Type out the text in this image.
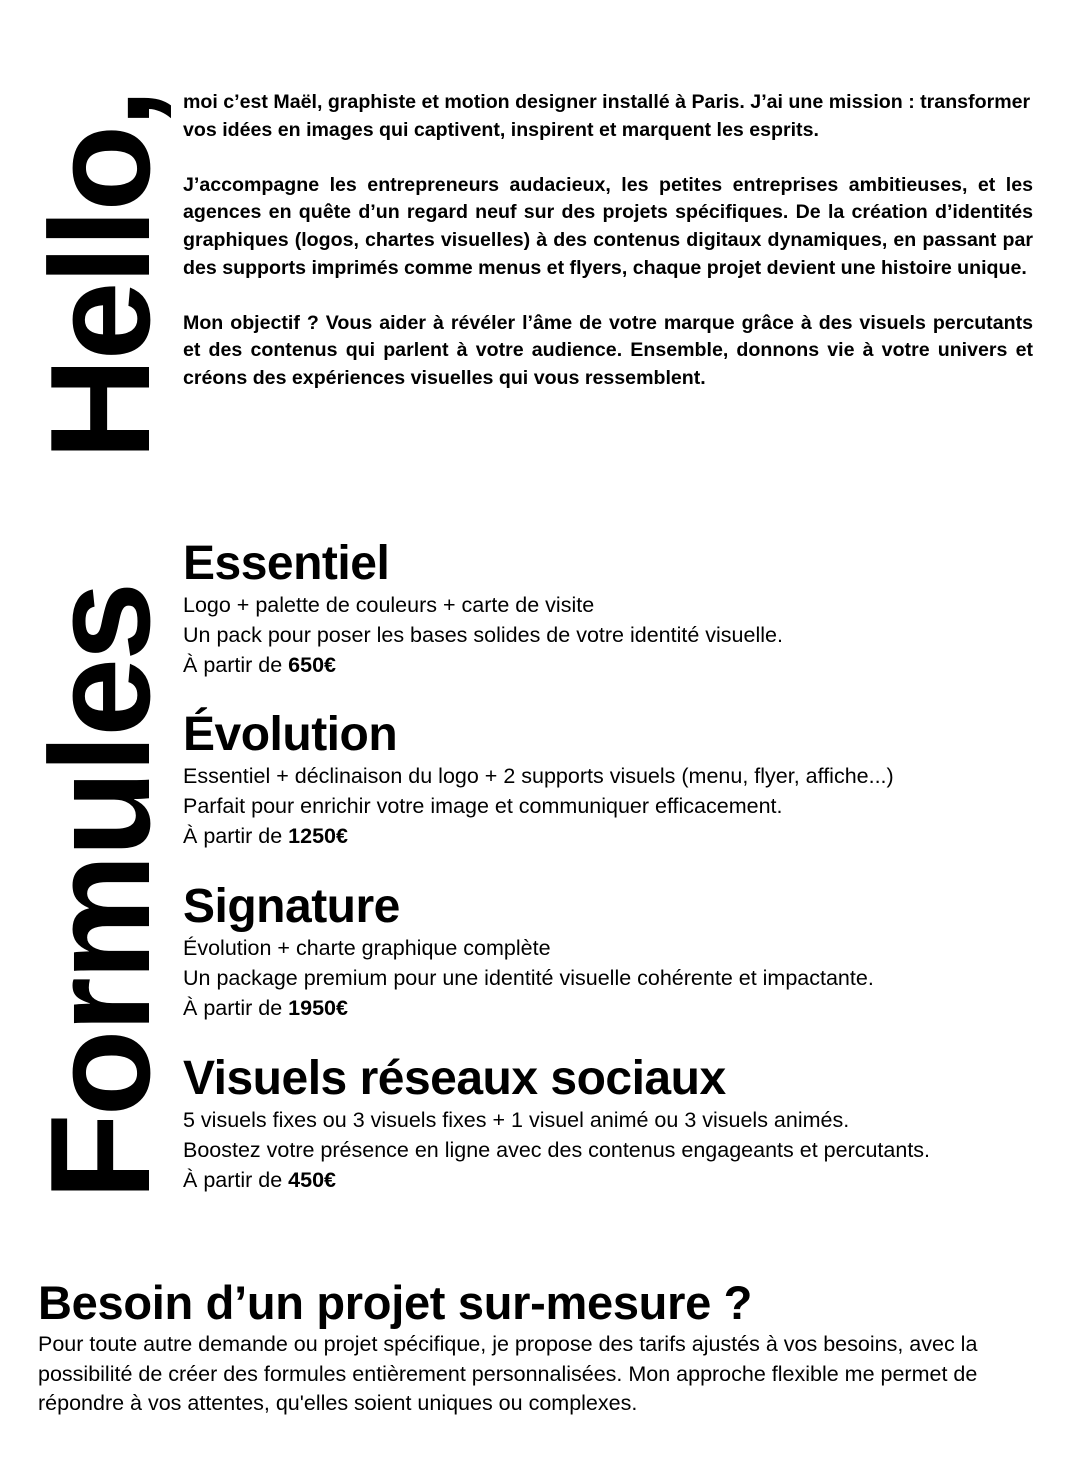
Hello,
Formules

moi c’est Maël, graphiste et motion designer installé à Paris. J’ai une mission : transformer vos idées en images qui captivent, inspirent et marquent les esprits.

J’accompagne les entrepreneurs audacieux, les petites entreprises ambitieuses, et les agences en quête d’un regard neuf sur des projets spécifiques. De la création d’identités graphiques (logos, chartes visuelles) à des contenus digitaux dynamiques, en passant par des supports imprimés comme menus et flyers, chaque projet devient une histoire unique.

Mon objectif ? Vous aider à révéler l’âme de votre marque grâce à des visuels percutants et des contenus qui parlent à votre audience. Ensemble, donnons vie à votre univers et créons des expériences visuelles qui vous ressemblent.

Essentiel

Logo + palette de couleurs + carte de visite

Un pack pour poser les bases solides de votre identité visuelle.

À partir de 650€

Évolution

Essentiel + déclinaison du logo + 2 supports visuels (menu, flyer, affiche...)

Parfait pour enrichir votre image et communiquer efficacement.

À partir de 1250€

Signature

Évolution + charte graphique complète

Un package premium pour une identité visuelle cohérente et impactante.

À partir de 1950€

Visuels réseaux sociaux

5 visuels fixes ou 3 visuels fixes + 1 visuel animé ou 3 visuels animés.

Boostez votre présence en ligne avec des contenus engageants et percutants.

À partir de 450€

Besoin d’un projet sur-mesure ?

Pour toute autre demande ou projet spécifique, je propose des tarifs ajustés à vos besoins, avec la possibilité de créer des formules entièrement personnalisées. Mon approche flexible me permet de répondre à vos attentes, qu'elles soient uniques ou complexes.
